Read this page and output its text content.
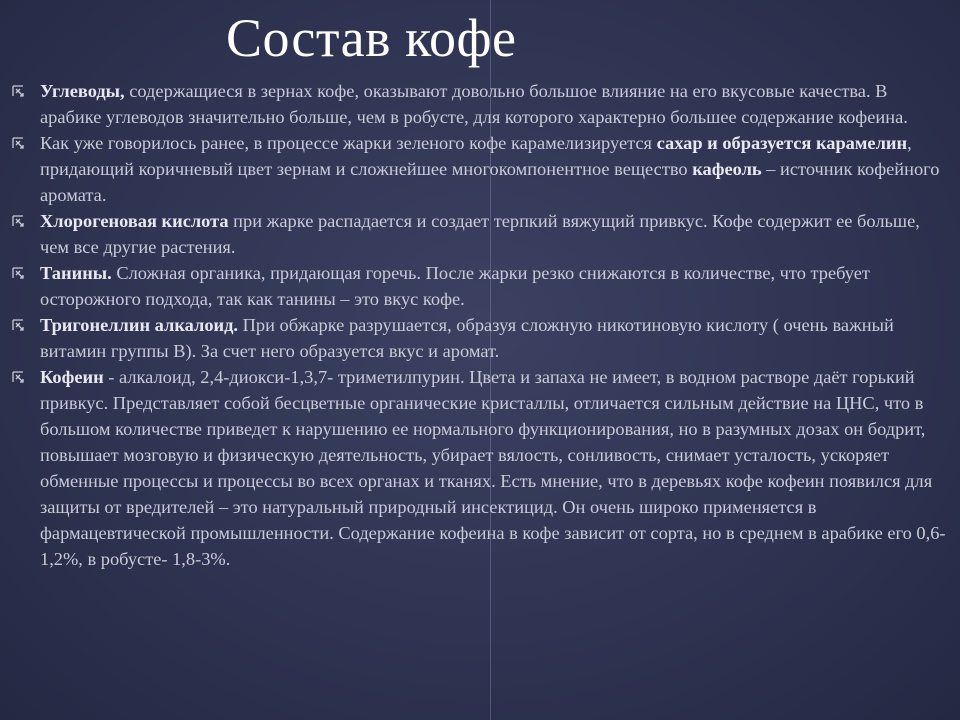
Состав кофе
Углеводы, содержащиеся в зернах кофе, оказывают довольно большое влияние на его вкусовые качества. В арабике углеводов значительно больше, чем в робусте, для которого характерно большее содержание кофеина.
Как уже говорилось ранее, в процессе жарки зеленого кофе карамелизируется сахар и образуется карамелин, придающий коричневый цвет зернам и сложнейшее многокомпонентное вещество кафеоль – источник кофейного аромата.
Хлорогеновая кислота при жарке распадается и создает терпкий вяжущий привкус. Кофе содержит ее больше, чем все другие растения.
Танины. Сложная органика, придающая горечь. После жарки резко снижаются в количестве, что требует осторожного подхода, так как танины – это вкус кофе.
Тригонеллин алкалоид. При обжарке разрушается, образуя сложную никотиновую кислоту ( очень важный витамин группы В). За счет него образуется вкус и аромат.
Кофеин - алкалоид, 2,4-диокси-1,3,7- триметилпурин. Цвета и запаха не имеет, в водном растворе даёт горький привкус. Представляет собой бесцветные органические кристаллы, отличается сильным действие на ЦНС, что в большом количестве приведет к нарушению ее нормального функционирования, но в разумных дозах он бодрит, повышает мозговую и физическую деятельность, убирает вялость, сонливость, снимает усталость, ускоряет обменные процессы и процессы во всех органах и тканях. Есть мнение, что в деревьях кофе кофеин появился для защиты от вредителей – это натуральный природный инсектицид. Он очень широко применяется в фармацевтической промышленности. Содержание кофеина в кофе зависит от сорта, но в среднем в арабике его 0,6-1,2%, в робусте- 1,8-3%.
